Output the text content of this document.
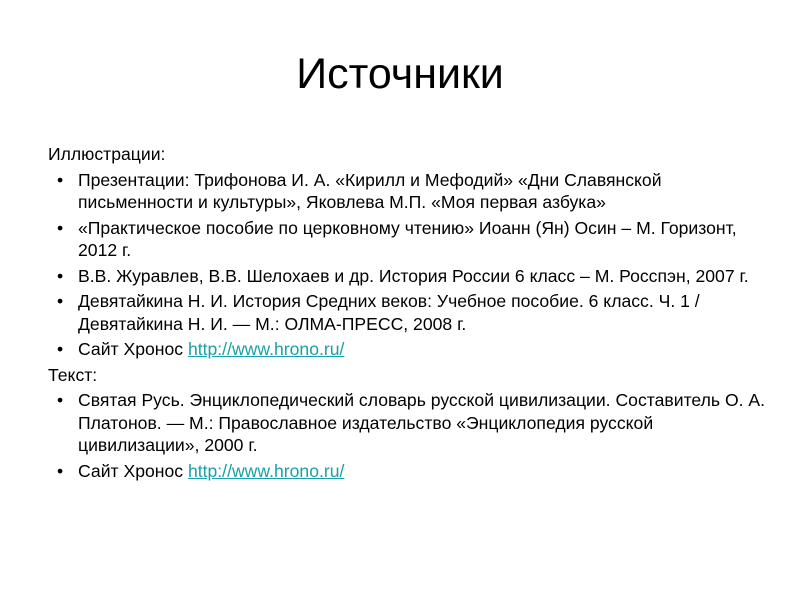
Источники
Иллюстрации:
• Презентации: Трифонова И. А. «Кирилл и Мефодий» «Дни Славянской письменности и культуры», Яковлева М.П. «Моя первая азбука»
• «Практическое пособие по церковному чтению» Иоанн (Ян) Осин – М. Горизонт, 2012 г.
• В.В. Журавлев, В.В. Шелохаев и др. История России 6 класс – М. Росспэн, 2007 г.
• Девятайкина Н. И. История Средних веков: Учебное пособие. 6 класс. Ч. 1 / Девятайкина Н. И. — М.: ОЛМА-ПРЕСС, 2008 г.
• Сайт Хронос http://www.hrono.ru/
Текст:
• Святая Русь. Энциклопедический словарь русской цивилизации. Составитель О. А. Платонов. — М.: Православное издательство «Энциклопедия русской цивилизации», 2000 г.
• Сайт Хронос http://www.hrono.ru/
